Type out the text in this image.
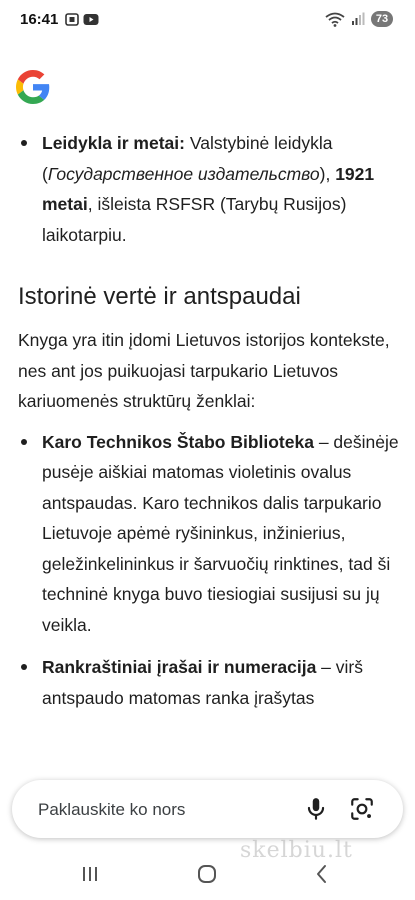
16:41	73
Leidykla ir metai: Valstybinė leidykla (Государственное издательство), 1921 metai, išleista RSFSR (Tarybų Rusijos) laikotarpiu.
Istorinė vertė ir antspaudai

Knyga yra itin įdomi Lietuvos istorijos kontekste, nes ant jos puikuojasi tarpukario Lietuvos kariuomenės struktūrų ženklai:

Karo Technikos Štabo Biblioteka – dešinėje pusėje aiškiai matomas violetinis ovalus antspaudas. Karo technikos dalis tarpukario Lietuvoje apėmė ryšininkus, inžinierius, geležinkelininkus ir šarvuočių rinktines, tad ši techninė knyga buvo tiesiogiai susijusi su jų veikla.
Rankraštiniai įrašai ir numeracija – virš antspaudo matomas ranka įrašytas
Paklauskite ko nors
skelbiu.lt
